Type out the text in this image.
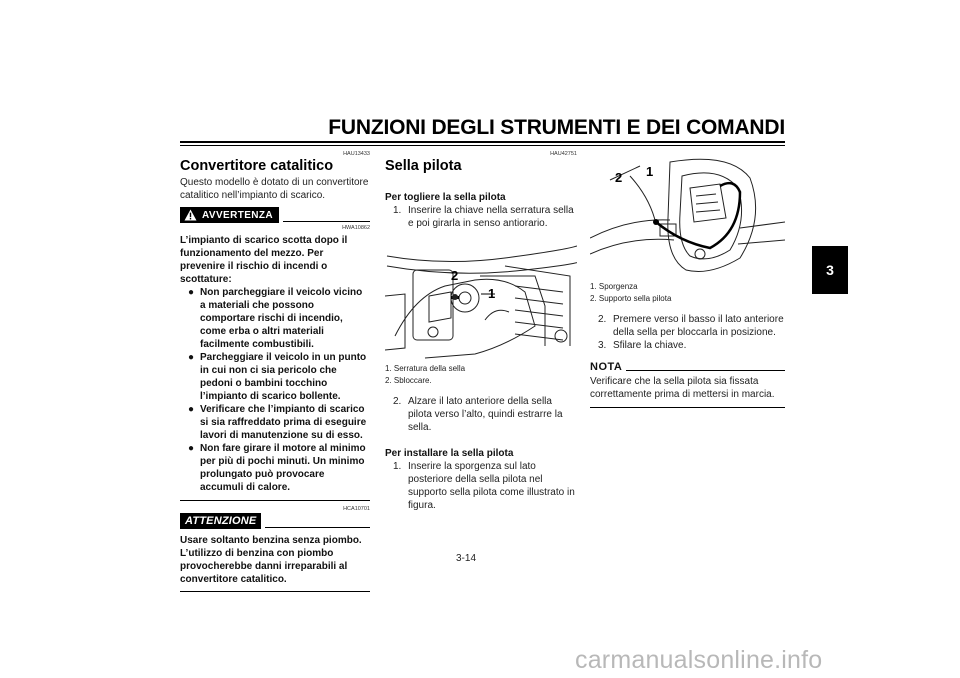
FUNZIONI DEGLI STRUMENTI E DEI COMANDI
3
HAU13433
Convertitore catalitico
Questo modello è dotato di un convertitore catalitico nell’impianto di scarico.
AVVERTENZA
HWA10862
L’impianto di scarico scotta dopo il funzionamento del mezzo. Per prevenire il rischio di incendi o scottature:
● Non parcheggiare il veicolo vicino a materiali che possono comportare rischi di incendio, come erba o altri materiali facilmente combustibili.
● Parcheggiare il veicolo in un punto in cui non ci sia pericolo che pedoni o bambini tocchino l’impianto di scarico bollente.
● Verificare che l’impianto di scarico si sia raffreddato prima di eseguire lavori di manutenzione su di esso.
● Non fare girare il motore al minimo per più di pochi minuti. Un minimo prolungato può provocare accumuli di calore.
HCA10701
ATTENZIONE
Usare soltanto benzina senza piombo. L’utilizzo di benzina con piombo provocherebbe danni irreparabili al convertitore catalitico.
HAU42751
Sella pilota
Per togliere la sella pilota
1. Inserire la chiave nella serratura sella e poi girarla in senso antiorario.
2
1
1. Serratura della sella
2. Sbloccare.
2. Alzare il lato anteriore della sella pilota verso l’alto, quindi estrarre la sella.
Per installare la sella pilota
1. Inserire la sporgenza sul lato posteriore della sella pilota nel supporto sella pilota come illustrato in figura.
2 1
1. Sporgenza
2. Supporto sella pilota
2. Premere verso il basso il lato anteriore della sella per bloccarla in posizione.
3. Sfilare la chiave.
NOTA
Verificare che la sella pilota sia fissata correttamente prima di mettersi in marcia.
3-14
carmanualsonline.info
